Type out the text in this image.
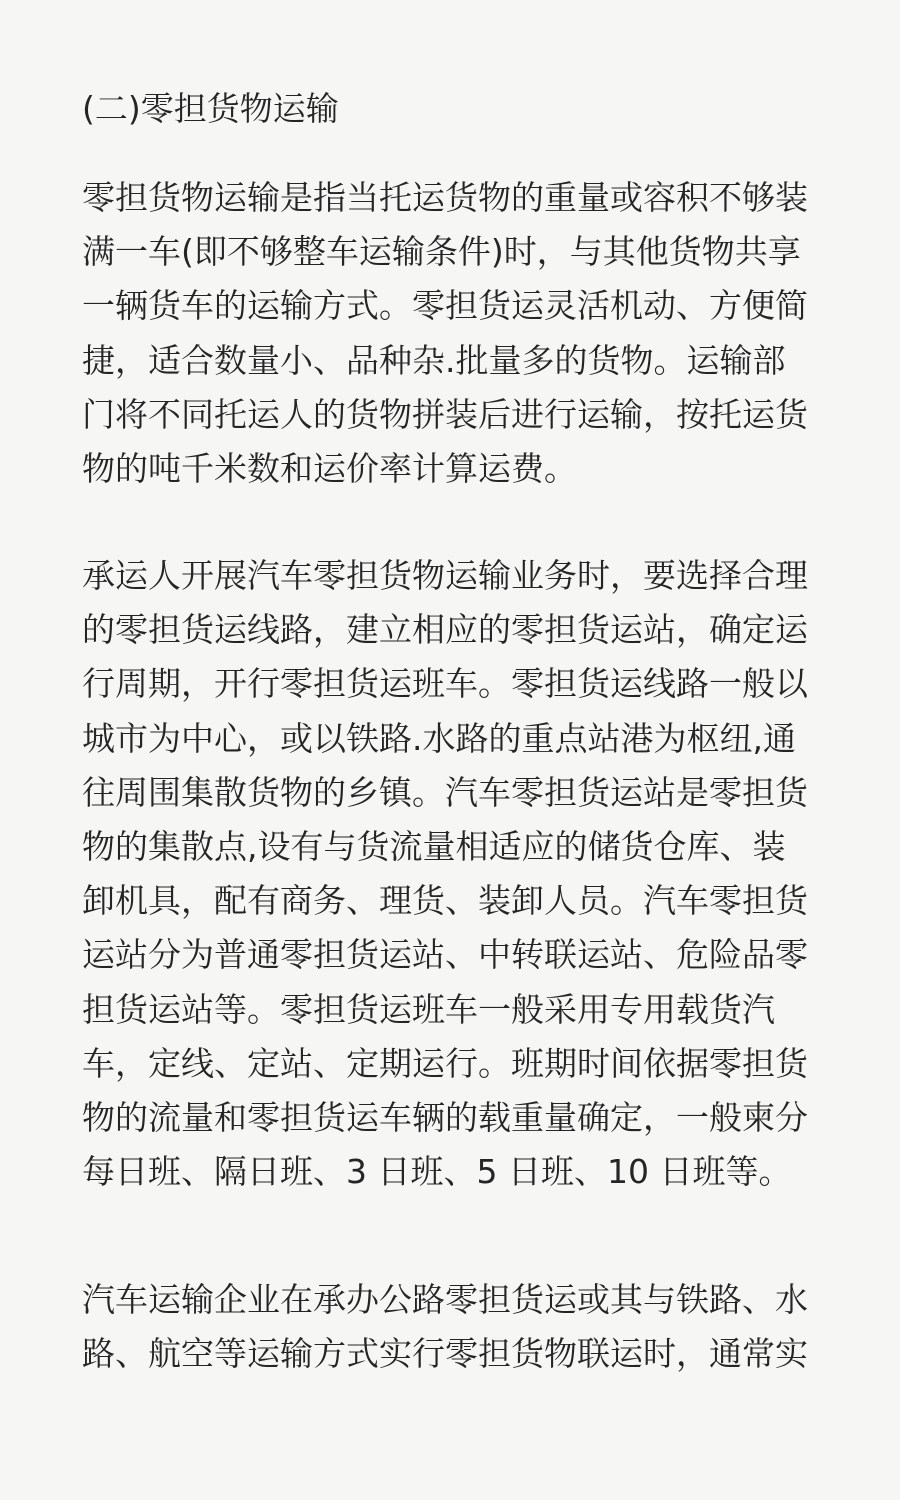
(二)零担货物运输
零担货物运输是指当托运货物的重量或容积不够装
满一车(即不够整车运输条件)时，与其他货物共享
一辆货车的运输方式。零担货运灵活机动、方便简
捷，适合数量小、品种杂.批量多的货物。运输部
门将不同托运人的货物拼装后进行运输，按托运货
物的吨千米数和运价率计算运费。
承运人开展汽车零担货物运输业务时，要选择合理
的零担货运线路，建立相应的零担货运站，确定运
行周期，开行零担货运班车。零担货运线路一般以
城市为中心，或以铁路.水路的重点站港为枢纽,通
往周围集散货物的乡镇。汽车零担货运站是零担货
物的集散点,设有与货流量相适应的储货仓库、装
卸机具，配有商务、理货、装卸人员。汽车零担货
运站分为普通零担货运站、中转联运站、危险品零
担货运站等。零担货运班车一般采用专用载货汽
车，定线、定站、定期运行。班期时间依据零担货
物的流量和零担货运车辆的载重量确定，一般柬分
每日班、隔日班、3 日班、5 日班、10 日班等。
汽车运输企业在承办公路零担货运或其与铁路、水
路、航空等运输方式实行零担货物联运时，通常实
